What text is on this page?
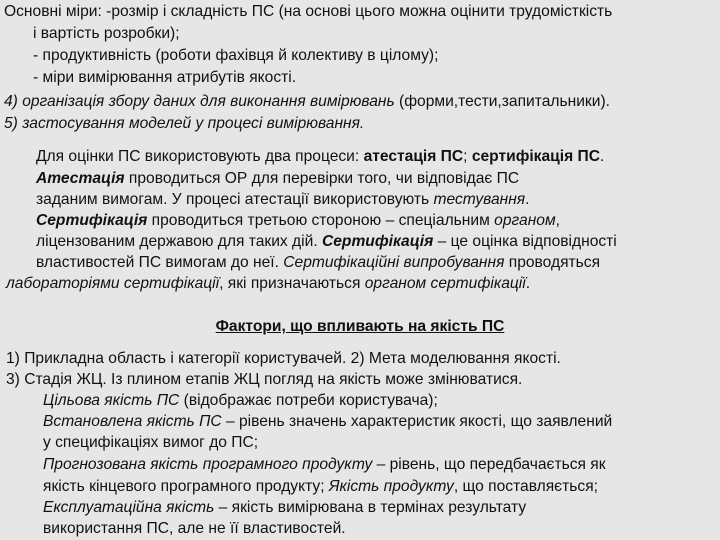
Основні міри: -розмір і складність ПС (на основі цього можна оцінити трудомісткість
і вартість розробки);
- продуктивність (роботи фахівця й колективу в цілому);
- міри вимірювання атрибутів якості.
4) організація збору даних для виконання вимірювань (форми,тести,запитальники).
5) застосування моделей у процесі вимірювання.
Для оцінки ПС використовують два процеси: атестація ПС; сертифікація ПС.
Атестація проводиться ОР для перевірки того, чи відповідає ПС
заданим вимогам. У процесі атестації використовують тестування.
Сертифікація проводиться третьою стороною – спеціальним органом,
ліцензованим державою для таких дій. Сертифікація – це оцінка відповідності
властивостей ПС вимогам до неї. Сертифікаційні випробування проводяться
лабораторіями сертифікації, які призначаються органом сертифікації.
Фактори, що впливають на якість ПС
1) Прикладна область і категорії користувачей. 2) Мета моделювання якості.
3) Стадія ЖЦ. Із плином етапів ЖЦ погляд на якість може змінюватися.
Цільова якість ПС (відображає потреби користувача);
Встановлена якість ПС – рівень значень характеристик якості, що заявлений
у специфікаціях вимог до ПС;
Прогнозована якість програмного продукту – рівень, що передбачається як
якість кінцевого програмного продукту; Якість продукту, що поставляється;
Експлуатаційна якість – якість вимірювана в термінах результату
використання ПС, але не її властивостей.
